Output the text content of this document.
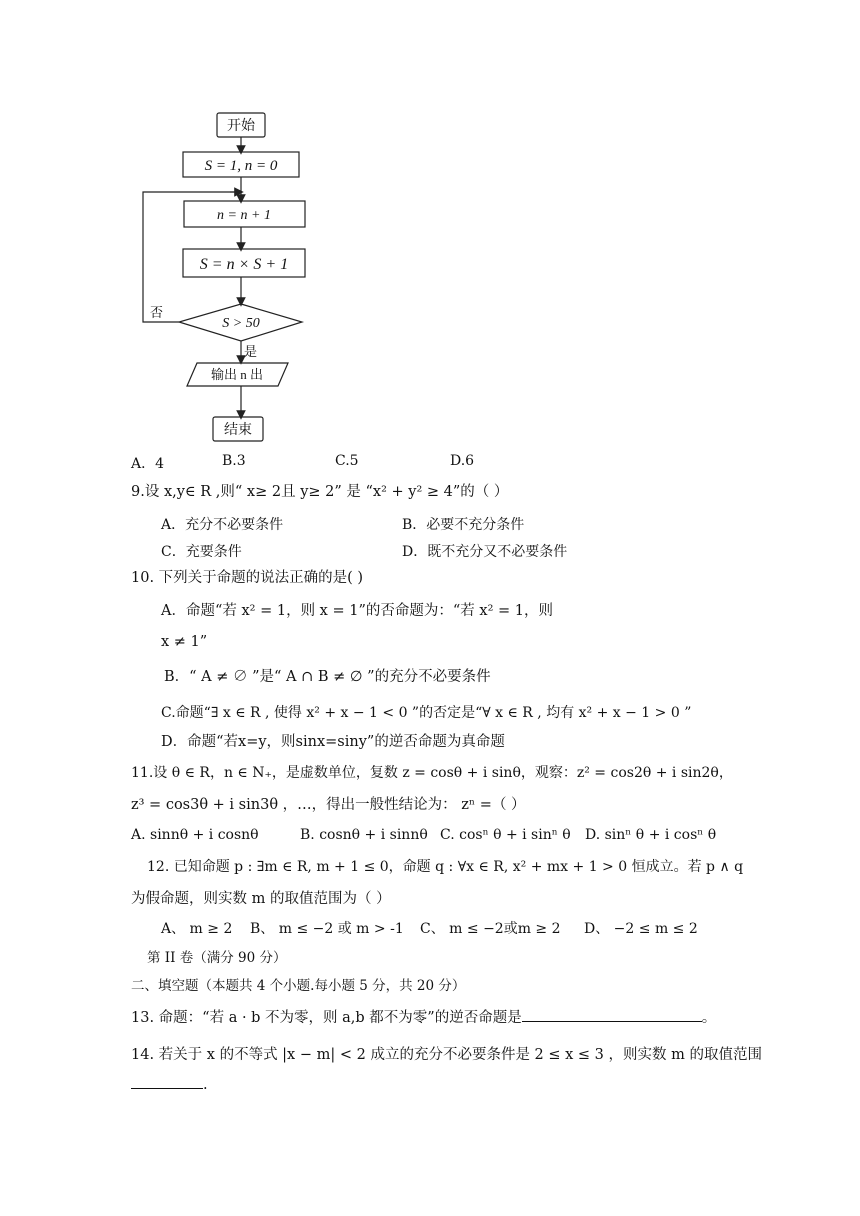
开始
S = 1, n = 0
n = n + 1
S = n × S + 1
S > 50
否
是
输出 n 出
结束
A．4	B.3	C.5	D.6
9.设 x,y∈ R ,则“ x≥ 2且 y≥ 2” 是 “x² + y² ≥ 4”的（ ）
A．充分不必要条件	B．必要不充分条件
C．充要条件	D．既不充分又不必要条件
10. 下列关于命题的说法正确的是( )
A．命题“若 x² = 1，则 x = 1”的否命题为：“若 x² = 1，则
x ≠ 1”
B．“ A ≠ ∅ ”是“ A ∩ B ≠ ∅ ”的充分不必要条件
C.命题“∃ x ∈ R , 使得 x² + x − 1 < 0 ”的否定是“∀ x ∈ R , 均有 x² + x − 1 > 0 ”
D．命题“若x=y，则sinx=siny”的逆否命题为真命题
11.设 θ ∈ R，n ∈ N₊，是虚数单位，复数 z = cosθ + i sinθ，观察：z² = cos2θ + i sin2θ，
z³ = cos3θ + i sin3θ ，…，得出一般性结论为： zⁿ =（ ）
A. sinnθ + i cosnθ	B. cosnθ + i sinnθ C. cosⁿ θ + i sinⁿ θ D. sinⁿ θ + i cosⁿ θ
12. 已知命题 p : ∃m ∈ R, m + 1 ≤ 0，命题 q : ∀x ∈ R, x² + mx + 1 > 0 恒成立。若 p ∧ q
为假命题，则实数 m 的取值范围为（ ）
A、 m ≥ 2 B、 m ≤ −2 或 m > -1 C、 m ≤ −2或m ≥ 2 D、 −2 ≤ m ≤ 2
第 II 卷（满分 90 分）
二、填空题（本题共 4 个小题.每小题 5 分，共 20 分）
13. 命题：“若 a · b 不为零，则 a,b 都不为零”的逆否命题是	。
14. 若关于 x 的不等式 |x − m| < 2 成立的充分不必要条件是 2 ≤ x ≤ 3 ，则实数 m 的取值范围
.
